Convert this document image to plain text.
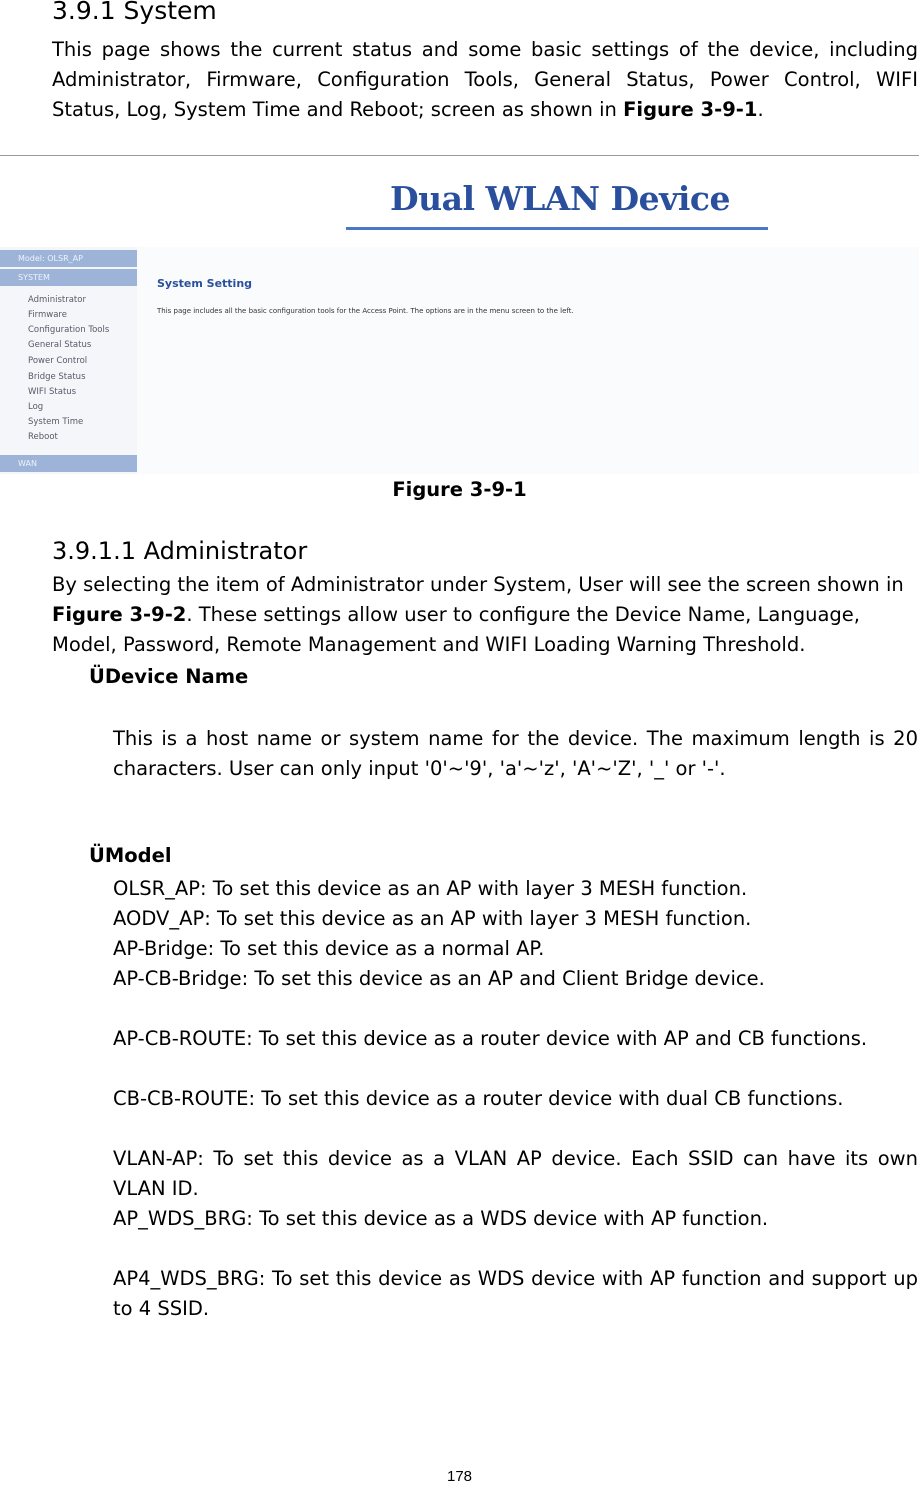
3.9.1 System

This page shows the current status and some basic settings of the device, including Administrator, Firmware, Configuration Tools, General Status, Power Control, WIFI Status, Log, System Time and Reboot; screen as shown in Figure 3-9-1.

Dual WLAN Device
Model: OLSR_AP
SYSTEM
Administrator
Firmware
Configuration Tools
General Status
Power Control
Bridge Status
WIFI Status
Log
System Time
Reboot
WAN
System Setting
This page includes all the basic configuration tools for the Access Point. The options are in the menu screen to the left.
Figure 3-9-1
3.9.1.1 Administrator

By selecting the item of Administrator under System, User will see the screen shown in Figure 3-9-2. These settings allow user to configure the Device Name, Language, Model, Password, Remote Management and WIFI Loading Warning Threshold.

ÜDevice Name

This is a host name or system name for the device. The maximum length is 20 characters. User can only input '0'~'9', 'a'~'z', 'A'~'Z', '_' or '-'.

ÜModel

OLSR_AP: To set this device as an AP with layer 3 MESH function.

AODV_AP: To set this device as an AP with layer 3 MESH function.

AP-Bridge: To set this device as a normal AP.

AP-CB-Bridge: To set this device as an AP and Client Bridge device.

AP-CB-ROUTE: To set this device as a router device with AP and CB functions.

CB-CB-ROUTE: To set this device as a router device with dual CB functions.

VLAN-AP: To set this device as a VLAN AP device. Each SSID can have its own VLAN ID.

AP_WDS_BRG: To set this device as a WDS device with AP function.

AP4_WDS_BRG: To set this device as WDS device with AP function and support up to 4 SSID.

178
